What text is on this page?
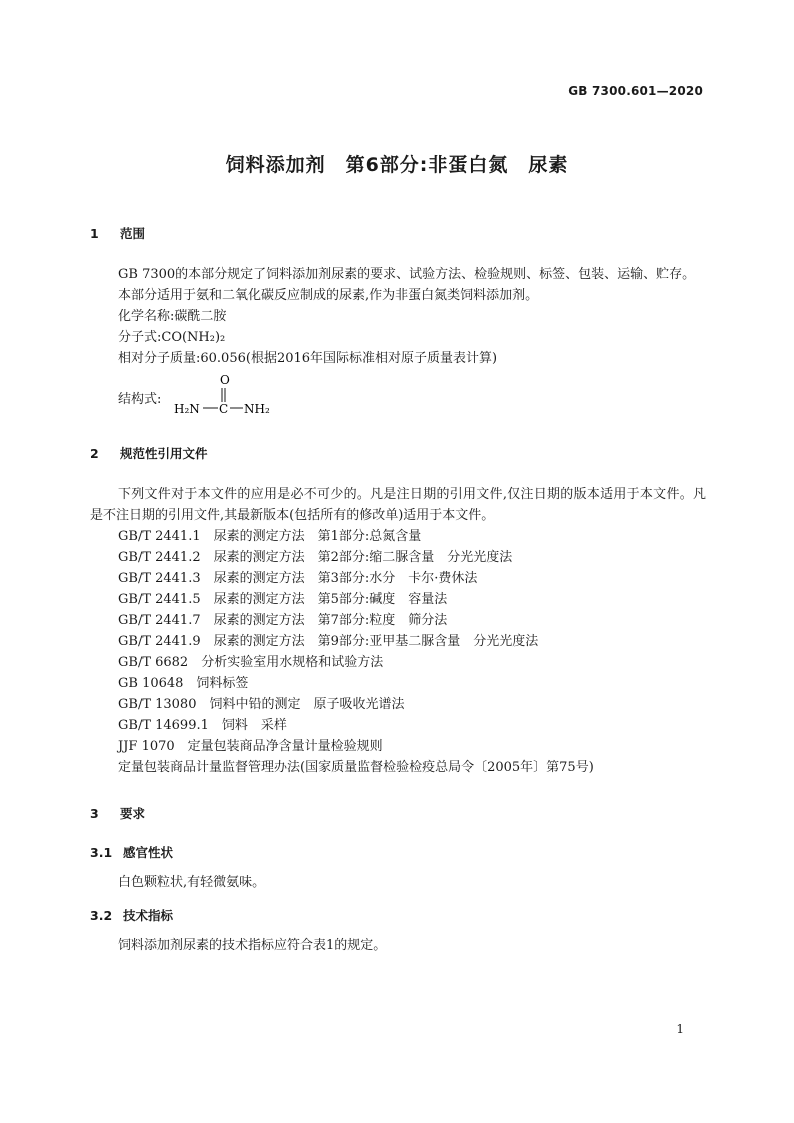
GB 7300.601—2020
饲料添加剂　第6部分:非蛋白氮　尿素
1 范围
GB 7300的本部分规定了饲料添加剂尿素的要求、试验方法、检验规则、标签、包装、运输、贮存。
本部分适用于氨和二氧化碳反应制成的尿素,作为非蛋白氮类饲料添加剂。
化学名称:碳酰二胺
分子式:CO(NH₂)₂
相对分子质量:60.056(根据2016年国际标准相对原子质量表计算)
结构式:
O
H₂N C NH₂
2 规范性引用文件
下列文件对于本文件的应用是必不可少的。凡是注日期的引用文件,仅注日期的版本适用于本文件。凡是不注日期的引用文件,其最新版本(包括所有的修改单)适用于本文件。
GB/T 2441.1　尿素的测定方法　第1部分:总氮含量
GB/T 2441.2　尿素的测定方法　第2部分:缩二脲含量　分光光度法
GB/T 2441.3　尿素的测定方法　第3部分:水分　卡尔·费休法
GB/T 2441.5　尿素的测定方法　第5部分:碱度　容量法
GB/T 2441.7　尿素的测定方法　第7部分:粒度　筛分法
GB/T 2441.9　尿素的测定方法　第9部分:亚甲基二脲含量　分光光度法
GB/T 6682　分析实验室用水规格和试验方法
GB 10648　饲料标签
GB/T 13080　饲料中铅的测定　原子吸收光谱法
GB/T 14699.1　饲料　采样
JJF 1070　定量包装商品净含量计量检验规则
定量包装商品计量监督管理办法(国家质量监督检验检疫总局令〔2005年〕第75号)
3 要求
3.1 感官性状
白色颗粒状,有轻微氨味。
3.2 技术指标
饲料添加剂尿素的技术指标应符合表1的规定。
1
